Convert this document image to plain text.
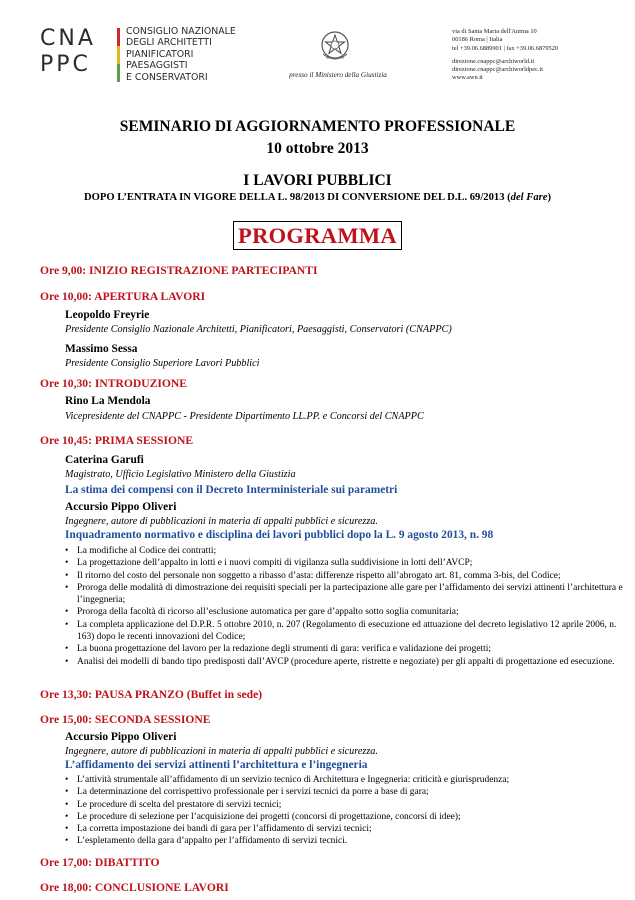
CNA
PPC
CONSIGLIO NAZIONALE
DEGLI ARCHITETTI
PIANIFICATORI
PAESAGGISTI
E CONSERVATORI	presso il Ministero della Giustizia
via di Santa Maria dell'Anima 10
00186 Roma | Italia
tel +39.06.6889901 | fax +39.06.6879520
direzione.cnappc@archiworld.it
direzione.cnappc@archiworldpec.it
www.awn.it
SEMINARIO DI AGGIORNAMENTO PROFESSIONALE
10 ottobre 2013
I LAVORI PUBBLICI
DOPO L’ENTRATA IN VIGORE DELLA L. 98/2013 DI CONVERSIONE DEL D.L. 69/2013 (del Fare)
PROGRAMMA
Ore 9,00: INIZIO REGISTRAZIONE PARTECIPANTI
Ore 10,00: APERTURA LAVORI
Leopoldo Freyrie
Presidente Consiglio Nazionale Architetti, Pianificatori, Paesaggisti, Conservatori (CNAPPC)
Massimo Sessa
Presidente Consiglio Superiore Lavori Pubblici
Ore 10,30: INTRODUZIONE
Rino La Mendola
Vicepresidente del CNAPPC - Presidente Dipartimento LL.PP. e Concorsi del CNAPPC
Ore 10,45: PRIMA SESSIONE
Caterina Garufi
Magistrato, Ufficio Legislativo Ministero della Giustizia
La stima dei compensi con il Decreto Interministeriale sui parametri
Accursio Pippo Oliveri
Ingegnere, autore di pubblicazioni in materia di appalti pubblici e sicurezza.
Inquadramento normativo e disciplina dei lavori pubblici dopo la L. 9 agosto 2013, n. 98
• La modifiche al Codice dei contratti;
• La progettazione dell’appalto in lotti e i nuovi compiti di vigilanza sulla suddivisione in lotti dell’AVCP;
• Il ritorno del costo del personale non soggetto a ribasso d’asta: differenze rispetto all’abrogato art. 81, comma 3-bis, del Codice;
• Proroga delle modalità di dimostrazione dei requisiti speciali per la partecipazione alle gare per l’affidamento dei servizi attinenti l’architettura e l’ingegneria;
• Proroga della facoltà di ricorso all’esclusione automatica per gare d’appalto sotto soglia comunitaria;
• La completa applicazione del D.P.R. 5 ottobre 2010, n. 207 (Regolamento di esecuzione ed attuazione del decreto legislativo 12 aprile 2006, n. 163) dopo le recenti innovazioni del Codice;
• La buona progettazione del lavoro per la redazione degli strumenti di gara: verifica e validazione dei progetti;
• Analisi dei modelli di bando tipo predisposti dall’AVCP (procedure aperte, ristrette e negoziate) per gli appalti di progettazione ed esecuzione.
Ore 13,30: PAUSA PRANZO (Buffet in sede)
Ore 15,00: SECONDA SESSIONE
Accursio Pippo Oliveri
Ingegnere, autore di pubblicazioni in materia di appalti pubblici e sicurezza.
L’affidamento dei servizi attinenti l’architettura e l’ingegneria
• L’attività strumentale all’affidamento di un servizio tecnico di Architettura e Ingegneria: criticità e giurisprudenza;
• La determinazione del corrispettivo professionale per i servizi tecnici da porre a base di gara;
• Le procedure di scelta del prestatore di servizi tecnici;
• Le procedure di selezione per l’acquisizione dei progetti (concorsi di progettazione, concorsi di idee);
• La corretta impostazione dei bandi di gara per l’affidamento di servizi tecnici;
• L’espletamento della gara d’appalto per l’affidamento di servizi tecnici.
Ore 17,00: DIBATTITO
Ore 18,00: CONCLUSIONE LAVORI
